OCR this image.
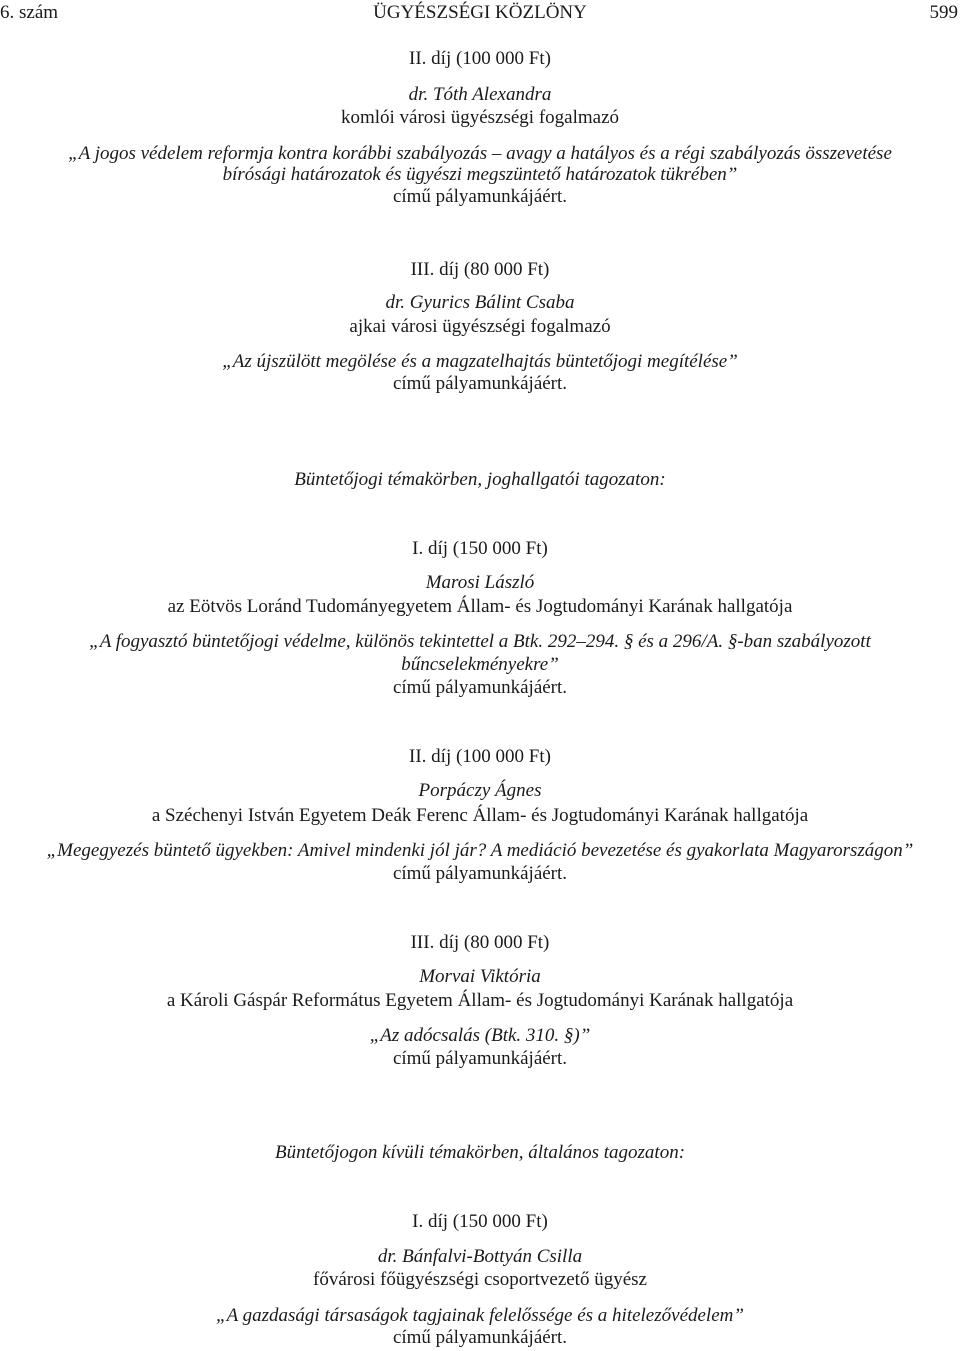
6. szám	ÜGYÉSZSÉGI KÖZLÖNY	599
II. díj (100 000 Ft)
dr. Tóth Alexandra
komlói városi ügyészségi fogalmazó
„A jogos védelem reformja kontra korábbi szabályozás – avagy a hatályos és a régi szabályozás összevetése
bírósági határozatok és ügyészi megszüntető határozatok tükrében”
című pályamunkájáért.
III. díj (80 000 Ft)
dr. Gyurics Bálint Csaba
ajkai városi ügyészségi fogalmazó
„Az újszülött megölése és a magzatelhajtás büntetőjogi megítélése”
című pályamunkájáért.
Büntetőjogi témakörben, joghallgatói tagozaton:
I. díj (150 000 Ft)
Marosi László
az Eötvös Loránd Tudományegyetem Állam- és Jogtudományi Karának hallgatója
„A fogyasztó büntetőjogi védelme, különös tekintettel a Btk. 292–294. § és a 296/A. §-ban szabályozott
bűncselekményekre”
című pályamunkájáért.
II. díj (100 000 Ft)
Porpáczy Ágnes
a Széchenyi István Egyetem Deák Ferenc Állam- és Jogtudományi Karának hallgatója
„Megegyezés büntető ügyekben: Amivel mindenki jól jár? A mediáció bevezetése és gyakorlata Magyarországon”
című pályamunkájáért.
III. díj (80 000 Ft)
Morvai Viktória
a Károli Gáspár Református Egyetem Állam- és Jogtudományi Karának hallgatója
„Az adócsalás (Btk. 310. §)”
című pályamunkájáért.
Büntetőjogon kívüli témakörben, általános tagozaton:
I. díj (150 000 Ft)
dr. Bánfalvi-Bottyán Csilla
fővárosi főügyészségi csoportvezető ügyész
„A gazdasági társaságok tagjainak felelőssége és a hitelezővédelem”
című pályamunkájáért.
